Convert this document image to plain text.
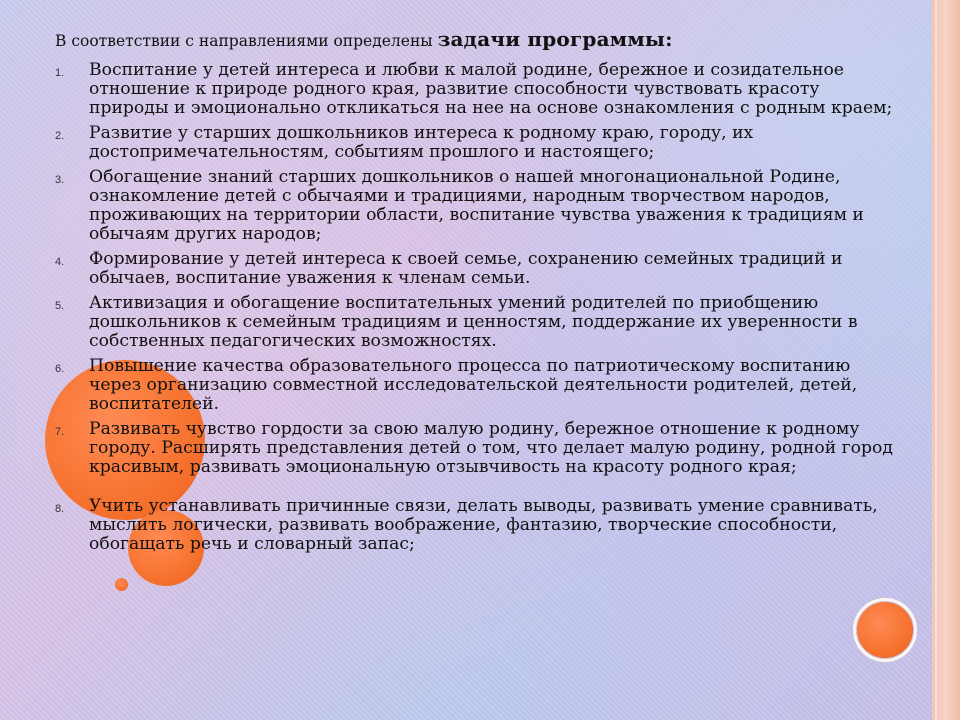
В соответствии с направлениями определены задачи программы:

1. Воспитание у детей интереса и любви к малой родине, бережное и созидательное отношение к природе родного края, развитие способности чувствовать красоту природы и эмоционально откликаться на нее на основе ознакомления с родным краем;
2. Развитие у старших дошкольников интереса к родному краю, городу, их достопримечательностям, событиям прошлого и настоящего;
3. Обогащение знаний старших дошкольников о нашей многонациональной Родине, ознакомление детей с обычаями и традициями, народным творчеством народов, проживающих на территории области, воспитание чувства уважения к традициям и обычаям других народов;
4. Формирование у детей интереса к своей семье, сохранению семейных традиций и обычаев, воспитание уважения к членам семьи.
5. Активизация и обогащение воспитательных умений родителей по приобщению дошкольников к семейным традициям и ценностям, поддержание их уверенности в собственных педагогических возможностях.
6. Повышение качества образовательного процесса по патриотическому воспитанию через организацию совместной исследовательской деятельности родителей, детей, воспитателей.
7. Развивать чувство гордости за свою малую родину, бережное отношение к родному городу. Расширять представления детей о том, что делает малую родину, родной город красивым, развивать эмоциональную отзывчивость на красоту родного края;
8. Учить устанавливать причинные связи, делать выводы, развивать умение сравнивать, мыслить логически, развивать воображение, фантазию, творческие способности, обогащать речь и словарный запас;
